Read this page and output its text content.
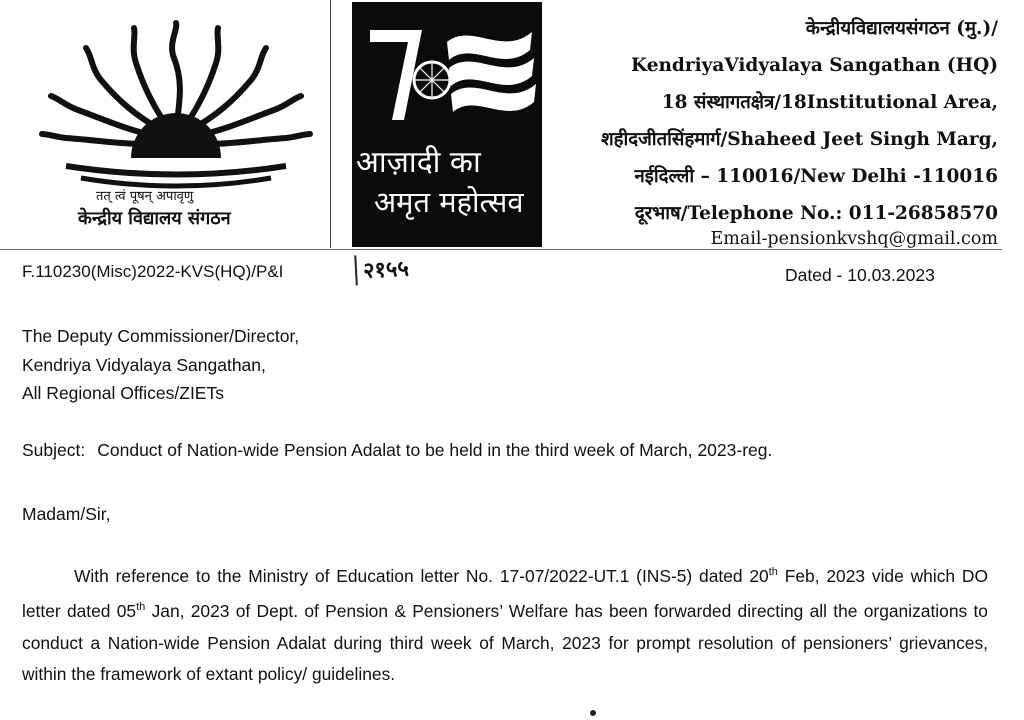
तत् त्वं पूषन् अपावृणु
केन्द्रीय विद्यालय संगठन
आज़ादी का
अमृत महोत्सव
केन्द्रीयविद्यालयसंगठन (मु.)/
KendriyaVidyalaya Sangathan (HQ)
18 संस्थागतक्षेत्र/18Institutional Area,
शहीदजीतसिंहमार्ग/Shaheed Jeet Singh Marg,
नईदिल्ली – 110016/New Delhi -110016
दूरभाष/Telephone No.: 011-26858570
Email-pensionkvshq@gmail.com
F.110230(Misc)2022-KVS(HQ)/P&I	२१५५	Dated - 10.03.2023
The Deputy Commissioner/Director,
Kendriya Vidyalaya Sangathan,
All Regional Offices/ZIETs
Subject: Conduct of Nation-wide Pension Adalat to be held in the third week of March, 2023-reg.
Madam/Sir,
With reference to the Ministry of Education letter No. 17-07/2022-UT.1 (INS-5) dated 20th Feb, 2023 vide which DO letter dated 05th Jan, 2023 of Dept. of Pension & Pensioners’ Welfare has been forwarded directing all the organizations to conduct a Nation-wide Pension Adalat during third week of March, 2023 for prompt resolution of pensioners’ grievances, within the framework of extant policy/ guidelines.
